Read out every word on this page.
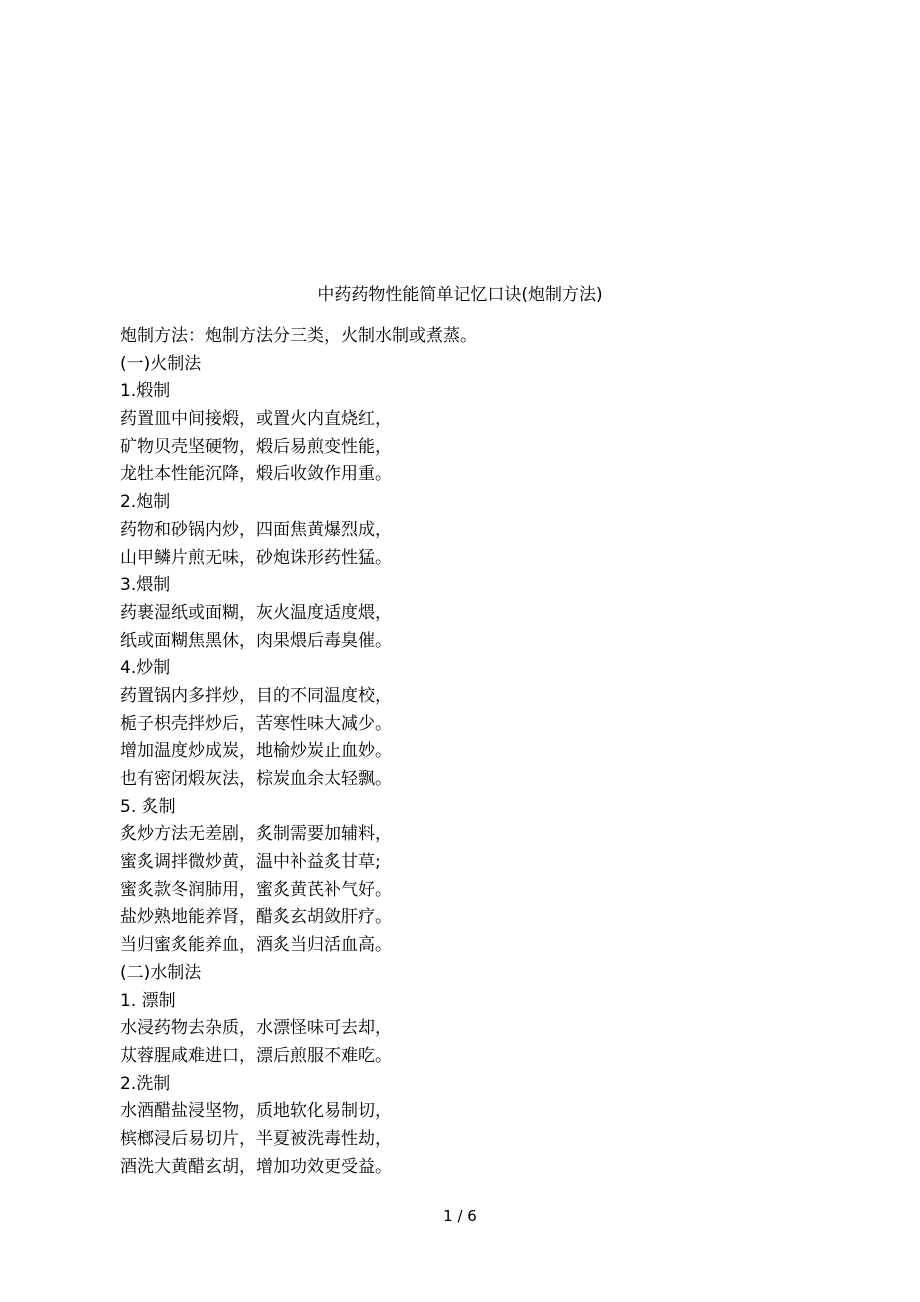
中药药物性能简单记忆口诀(炮制方法)
炮制方法：炮制方法分三类，火制水制或煮蒸。
(一)火制法
1.煅制
药置皿中间接煅，或置火内直烧红，
矿物贝壳坚硬物，煅后易煎变性能，
龙牡本性能沉降，煅后收敛作用重。
2.炮制
药物和砂锅内炒，四面焦黄爆烈成，
山甲鳞片煎无味，砂炮诛形药性猛。
3.煨制
药裹湿纸或面糊，灰火温度适度煨，
纸或面糊焦黑休，肉果煨后毒臭催。
4.炒制
药置锅内多拌炒，目的不同温度校，
栀子枳壳拌炒后，苦寒性味大减少。
增加温度炒成炭，地榆炒炭止血妙。
也有密闭煅灰法，棕炭血余太轻飘。
5. 炙制
炙炒方法无差剧，炙制需要加辅料，
蜜炙调拌微炒黄，温中补益炙甘草;
蜜炙款冬润肺用，蜜炙黄芪补气好。
盐炒熟地能养肾，醋炙玄胡敛肝疗。
当归蜜炙能养血，酒炙当归活血高。
(二)水制法
1. 漂制
水浸药物去杂质，水漂怪味可去却，
苁蓉腥咸难进口，漂后煎服不难吃。
2.洗制
水酒醋盐浸坚物，质地软化易制切，
槟榔浸后易切片，半夏被洗毒性劫，
酒洗大黄醋玄胡，增加功效更受益。
1 / 6
